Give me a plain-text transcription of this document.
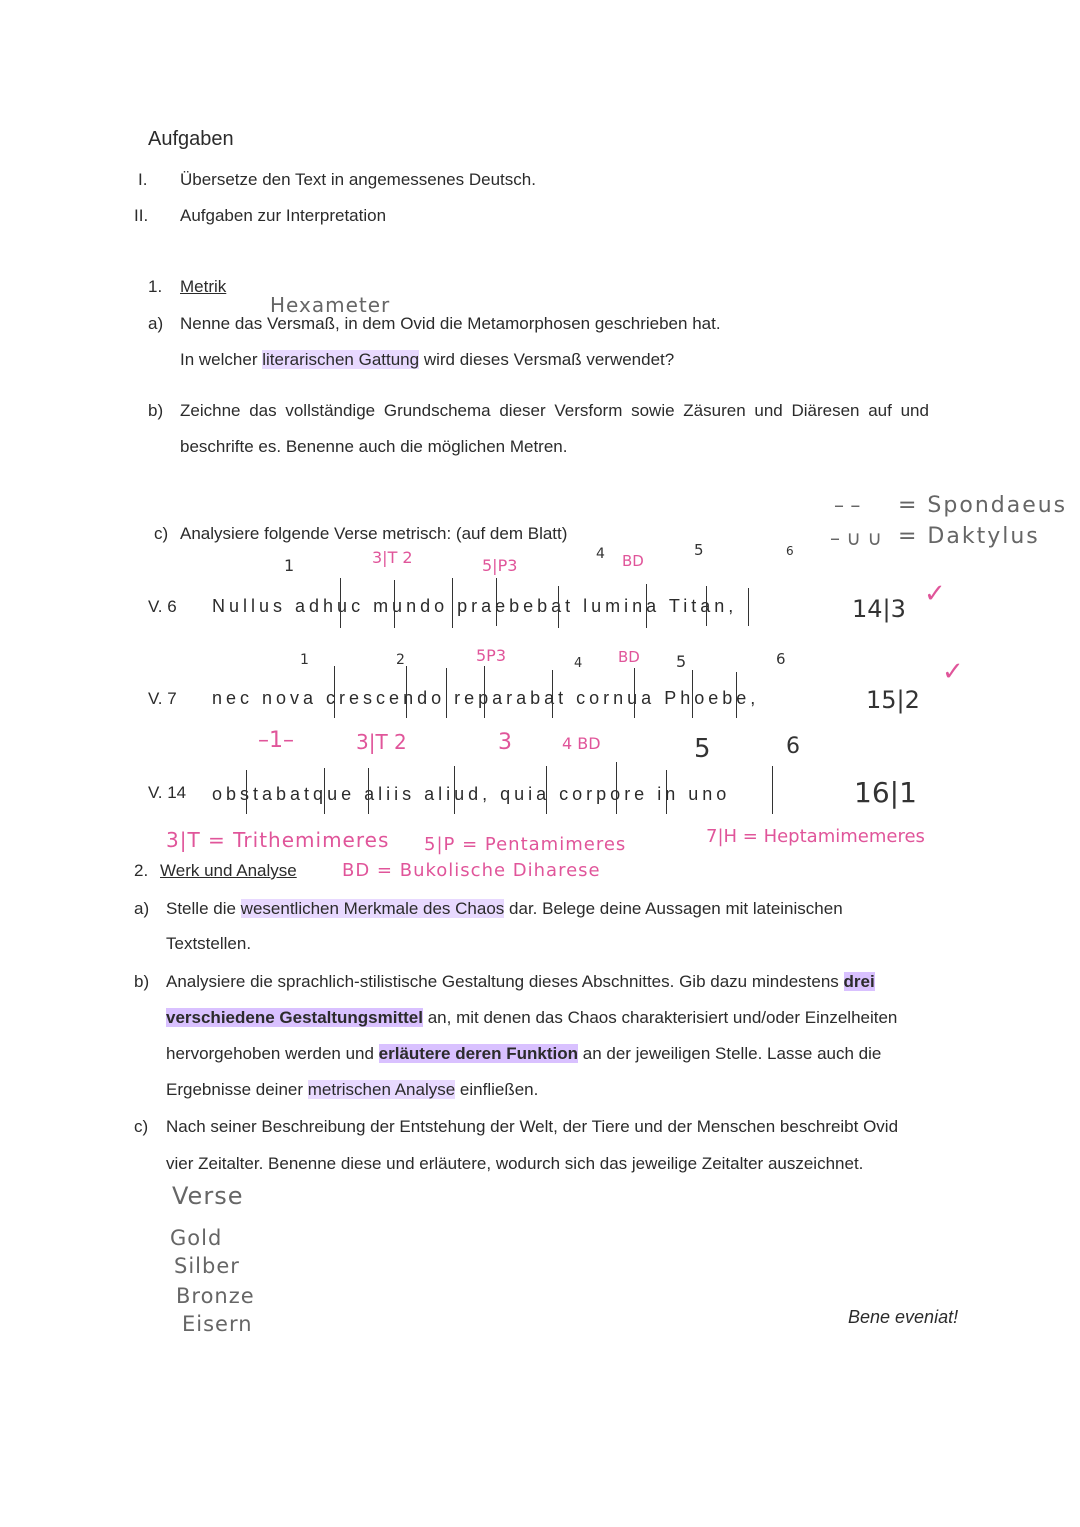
Aufgaben
I. Übersetze den Text in angemessenes Deutsch.
II. Aufgaben zur Interpretation
1. Metrik
Hexameter
a) Nenne das Versmaß, in dem Ovid die Metamorphosen geschrieben hat.
In welcher literarischen Gattung wird dieses Versmaß verwendet?
b) Zeichne das vollständige Grundschema dieser Versform sowie Zäsuren und Diäresen auf und
beschrifte es. Benenne auch die möglichen Metren.
c) Analysiere folgende Verse metrisch: (auf dem Blatt)
– – = Spondaeus
– ∪ ∪ = Daktylus
V. 6
1	3|T 2	5|P3
4 BD
5	6
Nullus adhuc mundo praebebat lumina Titan,	14|3
✓
V. 7
1	2	5P3	4 BD 5	6
nec nova crescendo reparabat cornua Phoebe,	15|2
✓
V. 14
–1–	3|T 2	3	4 BD	5	6
obstabatque aliis aliud, quia corpore in uno	16|1
3|T = Trithemimeres 5|P = Pentamimeres	7|H = Heptamimemeres
BD = Bukolische Diharese
2. Werk und Analyse
a) Stelle die wesentlichen Merkmale des Chaos dar. Belege deine Aussagen mit lateinischen
Textstellen.
b) Analysiere die sprachlich-stilistische Gestaltung dieses Abschnittes. Gib dazu mindestens drei
verschiedene Gestaltungsmittel an, mit denen das Chaos charakterisiert und/oder Einzelheiten
hervorgehoben werden und erläutere deren Funktion an der jeweiligen Stelle. Lasse auch die
Ergebnisse deiner metrischen Analyse einfließen.
c) Nach seiner Beschreibung der Entstehung der Welt, der Tiere und der Menschen beschreibt Ovid
vier Zeitalter. Benenne diese und erläutere, wodurch sich das jeweilige Zeitalter auszeichnet.
Verse
Gold
Silber
Bronze
Eisern	Bene eveniat!
